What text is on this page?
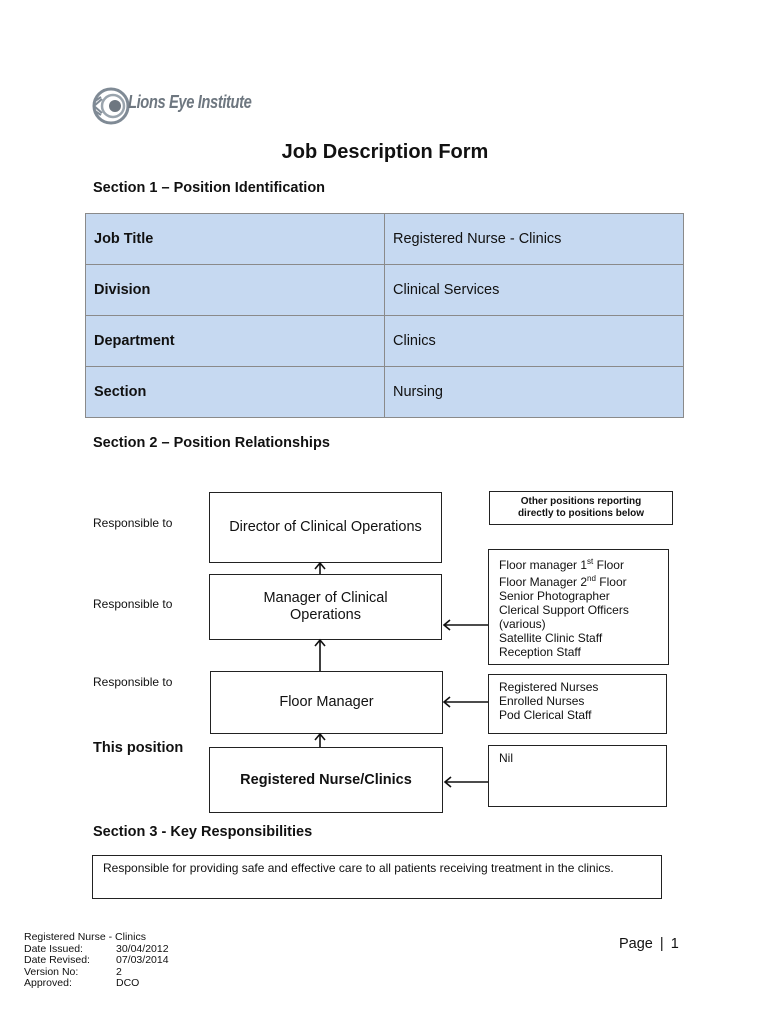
Lions Eye Institute
Job Description Form
Section 1 – Position Identification
Job Title	Registered Nurse - Clinics
Division	Clinical Services
Department	Clinics
Section	Nursing
Section 2 – Position Relationships
Responsible to
Responsible to
Responsible to
This position
Director of Clinical Operations
Manager of Clinical Operations
Floor Manager
Registered Nurse/Clinics
Other positions reporting directly to positions below
Floor manager 1st Floor
Floor Manager 2nd Floor
Senior Photographer
Clerical Support Officers
(various)
Satellite Clinic Staff
Reception Staff
Registered Nurses
Enrolled Nurses
Pod Clerical Staff
Nil
Section 3 - Key Responsibilities
Responsible for providing safe and effective care to all patients receiving treatment in the clinics.
Registered Nurse - Clinics
Date Issued:	30/04/2012
Date Revised:	07/03/2014
Version No:	2
Approved:	DCO
Page | 1
